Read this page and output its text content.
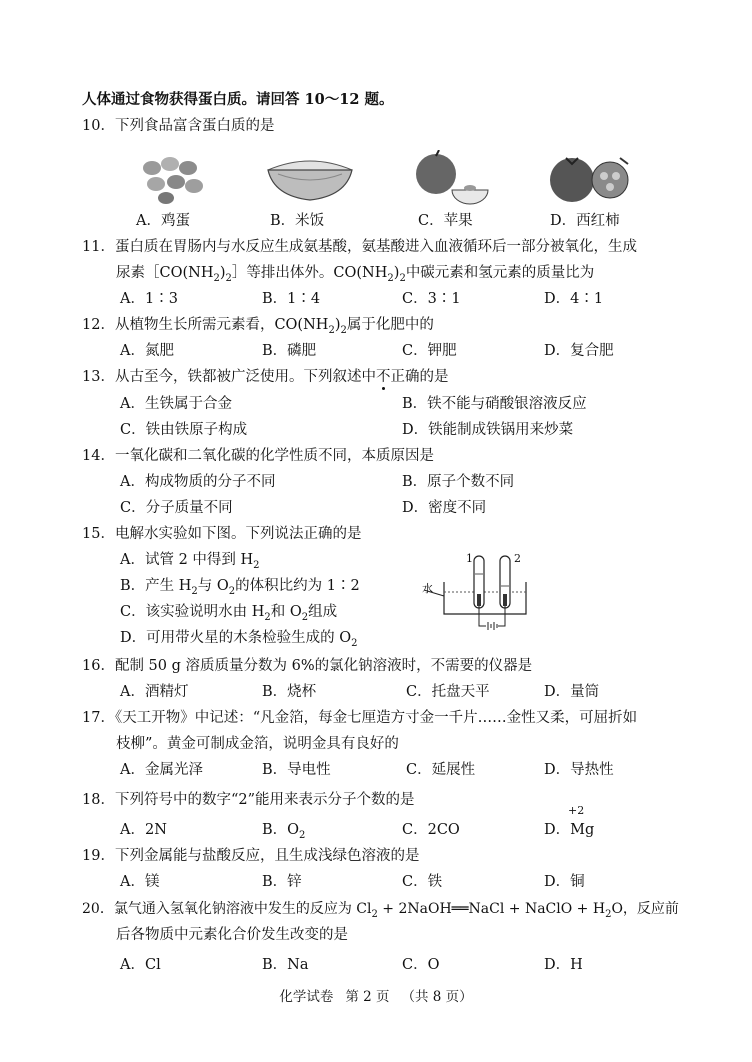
人体通过食物获得蛋白质。请回答 10～12 题。
10．下列食品富含蛋白质的是
A．鸡蛋	B．米饭	C．苹果	D．西红柿
11．蛋白质在胃肠内与水反应生成氨基酸，氨基酸进入血液循环后一部分被氧化，生成
尿素$[CO(NH_2)_2]$等排出体外。$CO(NH_2)_2$中碳元素和氢元素的质量比为
A．1∶3	B．1∶4	C．3∶1	D．4∶1
12．从植物生长所需元素看，$CO(NH_2)_2$属于化肥中的
A．氮肥	B．磷肥	C．钾肥	D．复合肥
13．从古至今，铁都被广泛使用。下列叙述中不正确的是
A．生铁属于合金	B．铁不能与硝酸银溶液反应
C．铁由铁原子构成	D．铁能制成铁锅用来炒菜
14．一氧化碳和二氧化碳的化学性质不同，本质原因是
A．构成物质的分子不同	B．原子个数不同
C．分子质量不同	D．密度不同
15．电解水实验如下图。下列说法正确的是
A．试管 2 中得到 $H_2$
B．产生 $H_2$与 $O_2$的体积比约为 1∶2
C．该实验说明水由 $H_2$和 $O_2$组成
D．可用带火星的木条检验生成的 $O_2$
水
1	2
16．配制 50 g 溶质质量分数为 6%的氯化钠溶液时，不需要的仪器是
A．酒精灯	B．烧杯	C．托盘天平	D．量筒
17．《天工开物》中记述：“凡金箔，每金七厘造方寸金一千片……金性又柔，可屈折如
枝柳”。黄金可制成金箔，说明金具有良好的
A．金属光泽	B．导电性	C．延展性	D．导热性
18．下列符号中的数字“2”能用来表示分子个数的是
A．2N	B．$O_2$	C．2CO	D．Mg
+2
19．下列金属能与盐酸反应，且生成浅绿色溶液的是
A．镁	B．锌	C．铁	D．铜
20．氯气通入氢氧化钠溶液中发生的反应为 $Cl_2$ + 2NaOH══NaCl + NaClO + $H_2O$，反应前
后各物质中元素化合价发生改变的是
A．Cl	B．Na	C．O	D．H
化学试卷 第 2 页 （共 8 页）
